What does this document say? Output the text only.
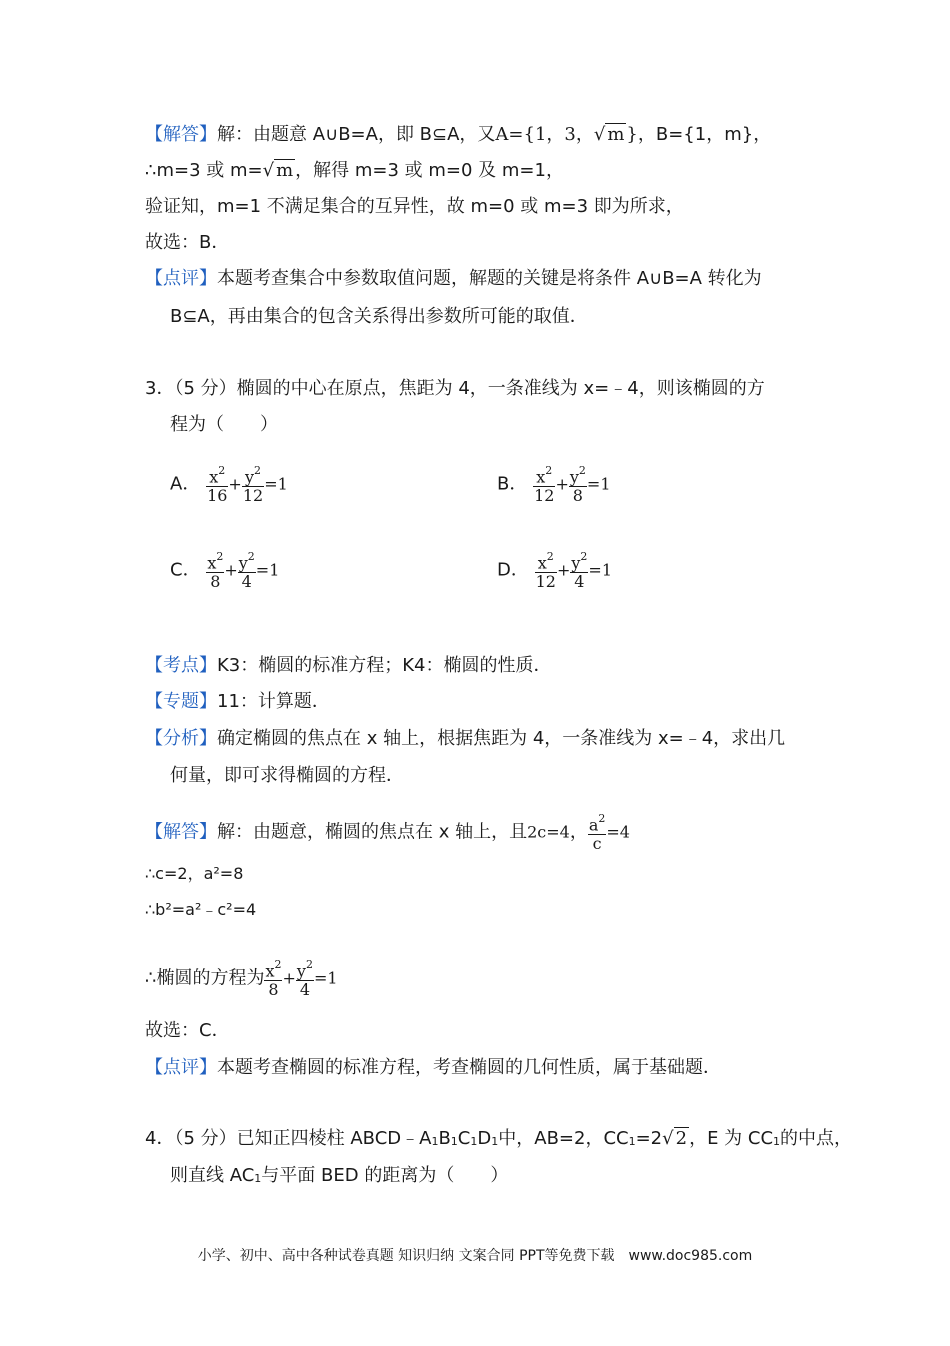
【解答】解：由题意 A∪B=A，即 B⊆A，又A={1，3，√ m }，B={1，m}，
∴m=3 或 m=√ m ，解得 m=3 或 m=0 及 m=1，
验证知，m=1 不满足集合的互异性，故 m=0 或 m=3 即为所求，
故选：B．
【点评】本题考查集合中参数取值问题，解题的关键是将条件 A∪B=A 转化为
B⊆A，再由集合的包含关系得出参数所可能的取值．
3．（5 分）椭圆的中心在原点，焦距为 4，一条准线为 x=﹣4，则该椭圆的方
程为（　　）
A． $\frac{x^2}{16} + \frac{y^2}{12} =1$	B． $\frac{x^2}{12} + \frac{y^2}{8} =1$
C． $\frac{x^2}{8} + \frac{y^2}{4} =1$	D． $\frac{x^2}{12} + \frac{y^2}{4} =1$
【考点】K3：椭圆的标准方程；K4：椭圆的性质．
【专题】11：计算题．
【分析】确定椭圆的焦点在 x 轴上，根据焦距为 4，一条准线为 x=﹣4，求出几
何量，即可求得椭圆的方程．
【解答】解：由题意，椭圆的焦点在 x 轴上，且2c=4， $\frac{a^2}{c} =4$
∴c=2，a²=8
∴b²=a²﹣c²=4
∴椭圆的方程为 $\frac{x^2}{8} + \frac{y^2}{4} =1$
故选：C．
【点评】本题考查椭圆的标准方程，考查椭圆的几何性质，属于基础题．
4．（5 分）已知正四棱柱 $ABCD﹣A_1B_1C_1D_1$中，AB=2，$CC_1=2√$ 2 ，E 为 $CC_1$的中点，
则直线 $AC_1$与平面 BED 的距离为（　　）
小学、初中、高中各种试卷真题 知识归纳 文案合同 PPT等免费下载　www.doc985.com
